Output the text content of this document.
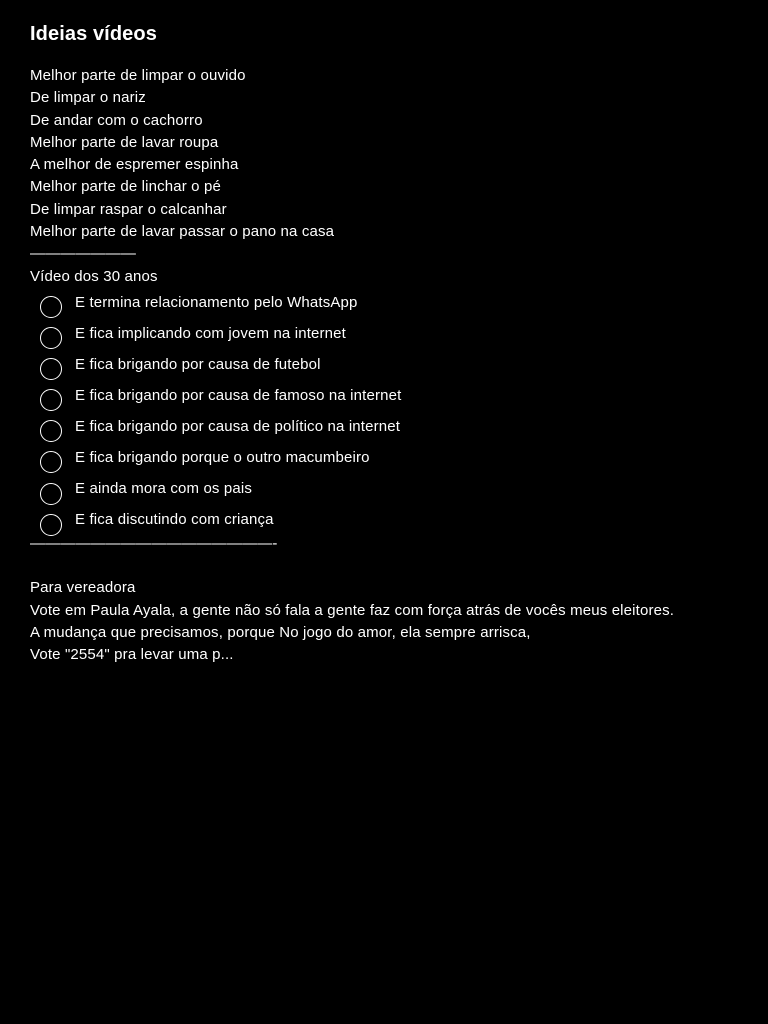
Ideias vídeos
Melhor parte de limpar o ouvido
De limpar o nariz
De andar com o cachorro
Melhor parte de lavar roupa
A melhor de espremer espinha
Melhor parte de linchar o pé
De limpar raspar o calcanhar
Melhor parte de lavar passar o pano na casa
———————
Vídeo dos 30 anos
E termina relacionamento pelo WhatsApp
E fica implicando com jovem na internet
E fica brigando por causa de futebol
E fica brigando por causa de famoso na internet
E fica brigando por causa de político na internet
E fica brigando porque o outro macumbeiro
E ainda mora com os pais
E fica discutindo com criança
————————————————-
Para vereadora
Vote em Paula Ayala, a gente não só fala a gente faz com força atrás de vocês meus eleitores.
A mudança que precisamos, porque No jogo do amor, ela sempre arrisca,
Vote "2554" pra levar uma p...
